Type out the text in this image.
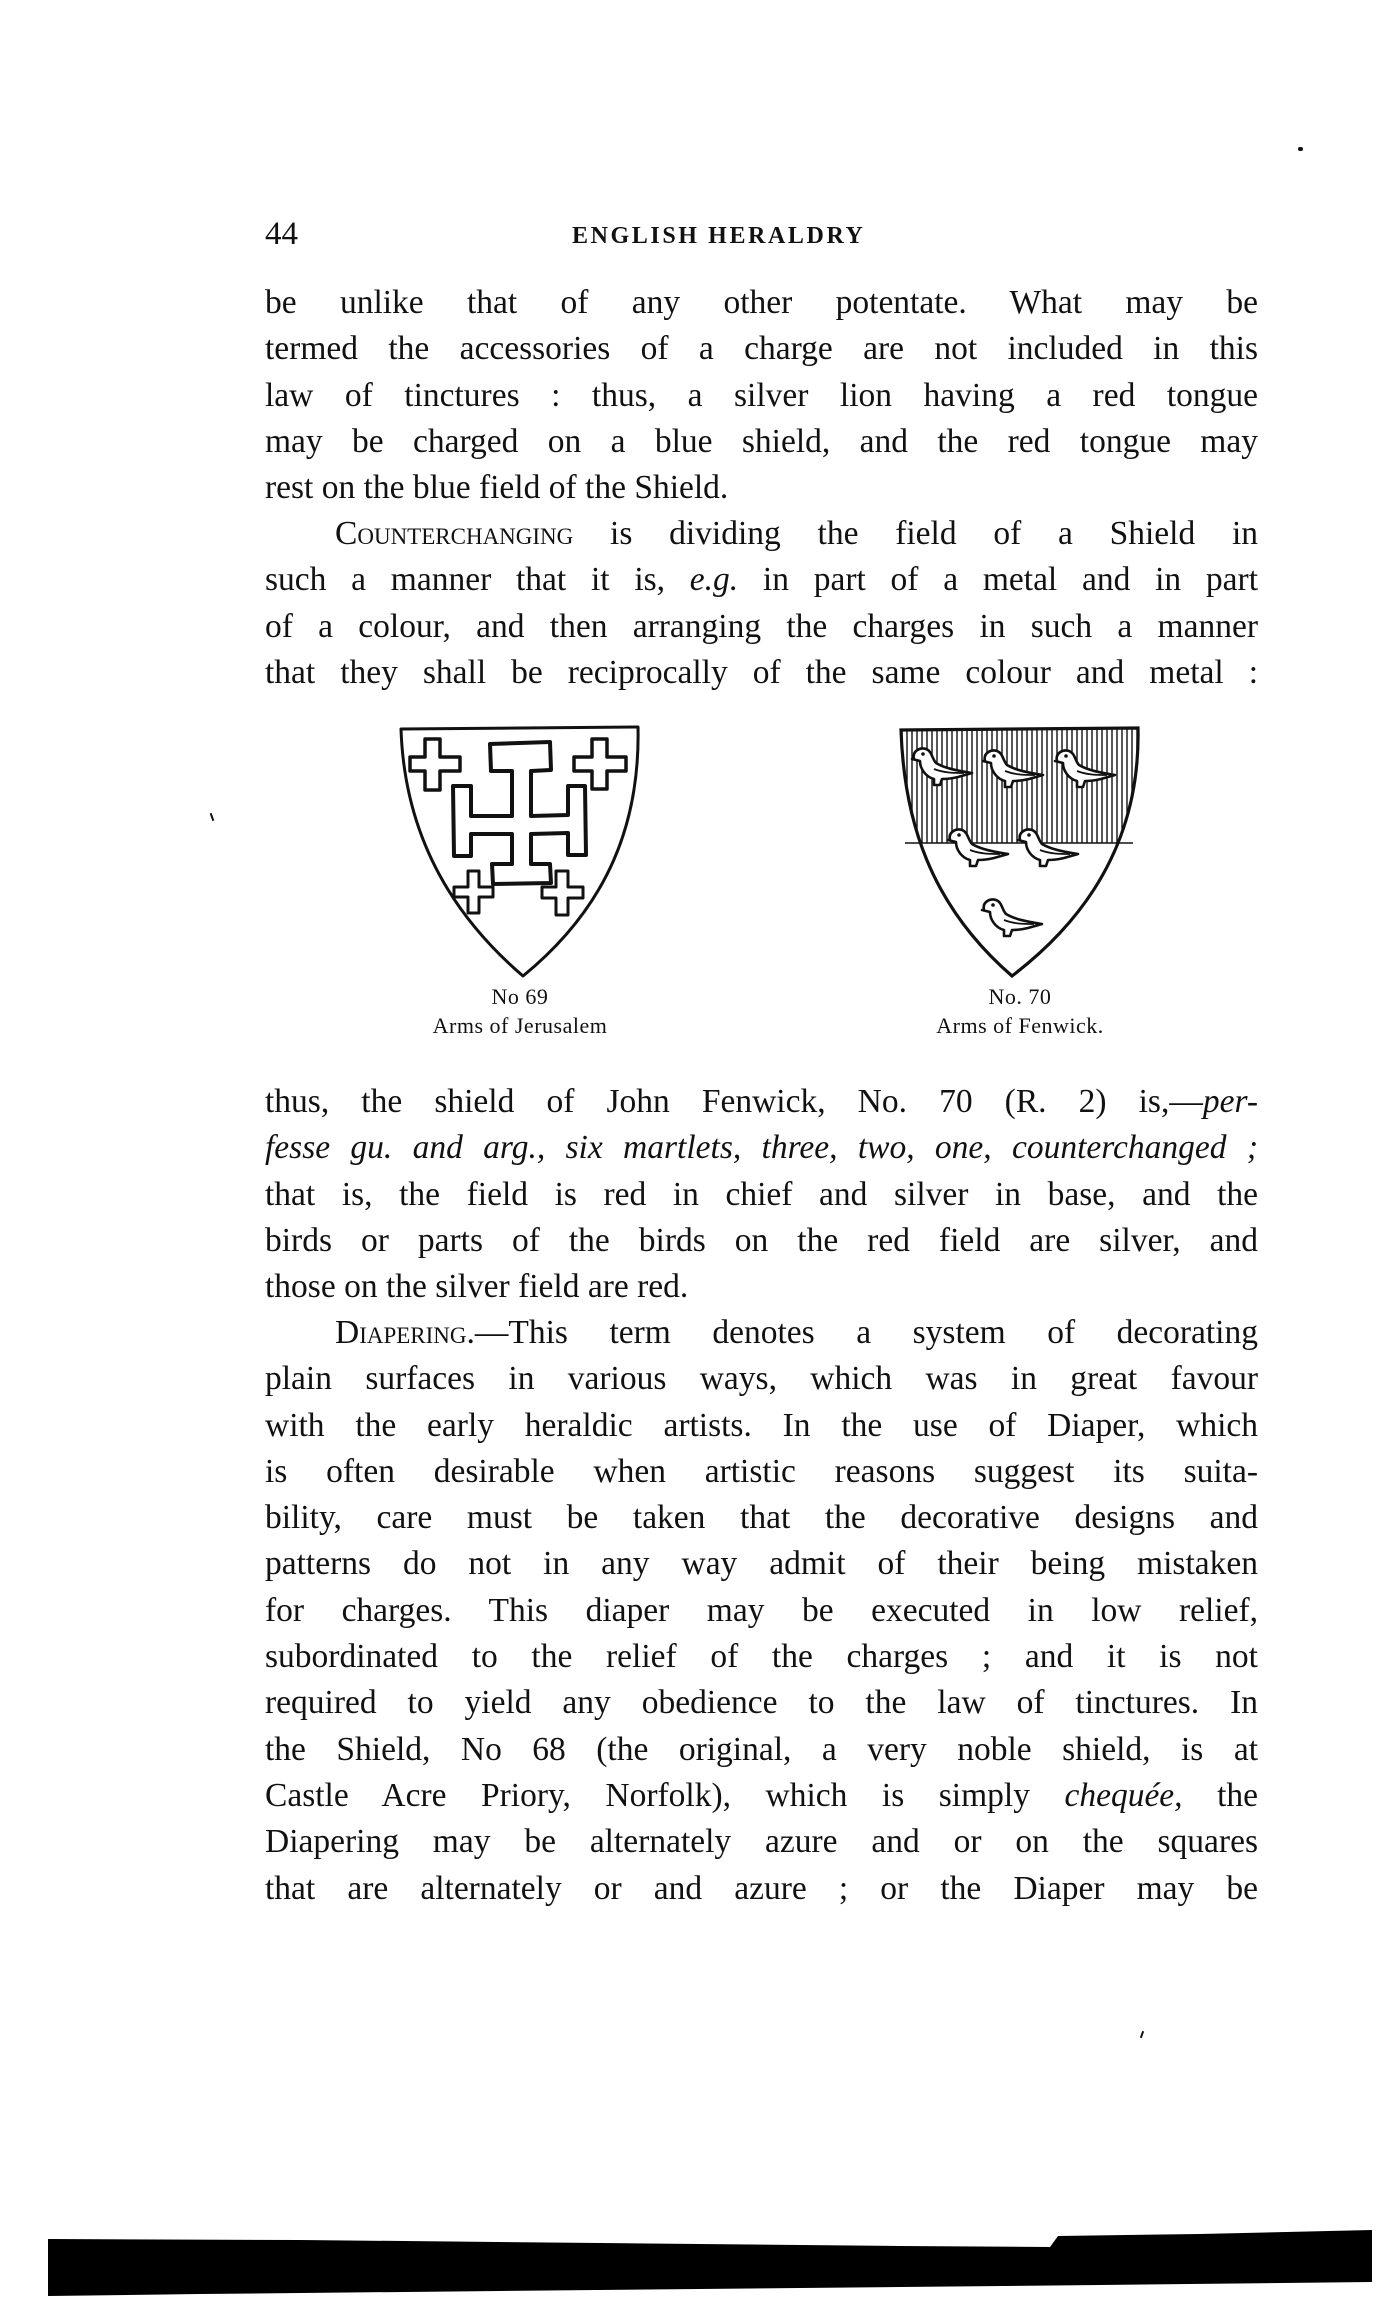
44	ENGLISH HERALDRY
be unlike that of any other potentate. What may be
termed the accessories of a charge are not included in this
law of tinctures : thus, a silver lion having a red tongue
may be charged on a blue shield, and the red tongue may
rest on the blue field of the Shield.
Counterchanging is dividing the field of a Shield in
such a manner that it is, e.g. in part of a metal and in part
of a colour, and then arranging the charges in such a manner
that they shall be reciprocally of the same colour and metal :
No 69
Arms of Jerusalem
No. 70
Arms of Fenwick.
thus, the shield of John Fenwick, No. 70 (R. 2) is,—per-
fesse gu. and arg., six martlets, three, two, one, counterchanged ;
that is, the field is red in chief and silver in base, and the
birds or parts of the birds on the red field are silver, and
those on the silver field are red.
Diapering.—This term denotes a system of decorating
plain surfaces in various ways, which was in great favour
with the early heraldic artists. In the use of Diaper, which
is often desirable when artistic reasons suggest its suita-
bility, care must be taken that the decorative designs and
patterns do not in any way admit of their being mistaken
for charges. This diaper may be executed in low relief,
subordinated to the relief of the charges ; and it is not
required to yield any obedience to the law of tinctures. In
the Shield, No 68 (the original, a very noble shield, is at
Castle Acre Priory, Norfolk), which is simply chequée, the
Diapering may be alternately azure and or on the squares
that are alternately or and azure ; or the Diaper may be
